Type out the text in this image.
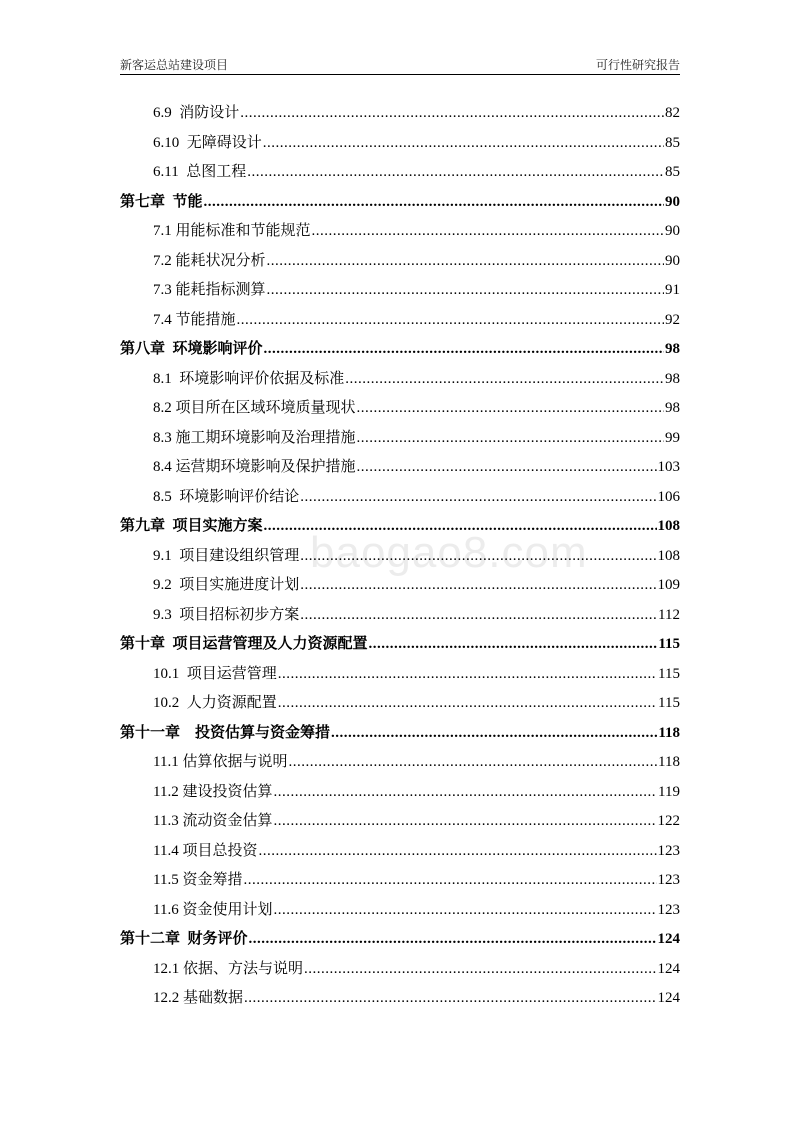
新客运总站建设项目	可行性研究报告
baogao8.com
6.9  消防设计 .....	82
6.10  无障碍设计 .....	85
6.11  总图工程 .....	85
第七章  节能 .....	90
7.1 用能标准和节能规范 .....	90
7.2 能耗状况分析 .....	90
7.3 能耗指标测算 .....	91
7.4 节能措施 .....	92
第八章  环境影响评价 .....	98
8.1  环境影响评价依据及标准 .....	98
8.2 项目所在区域环境质量现状 .....	98
8.3 施工期环境影响及治理措施 .....	99
8.4 运营期环境影响及保护措施 .....	103
8.5  环境影响评价结论 .....	106
第九章  项目实施方案 .....	108
9.1  项目建设组织管理 .....	108
9.2  项目实施进度计划 .....	109
9.3  项目招标初步方案 .....	112
第十章  项目运营管理及人力资源配置 .....	115
10.1  项目运营管理 .....	115
10.2  人力资源配置 .....	115
第十一章    投资估算与资金筹措 .....	118
11.1 估算依据与说明 .....	118
11.2 建设投资估算 .....	119
11.3 流动资金估算 .....	122
11.4 项目总投资 .....	123
11.5 资金筹措 .....	123
11.6 资金使用计划 .....	123
第十二章  财务评价 .....	124
12.1 依据、方法与说明 .....	124
12.2 基础数据 .....	124
